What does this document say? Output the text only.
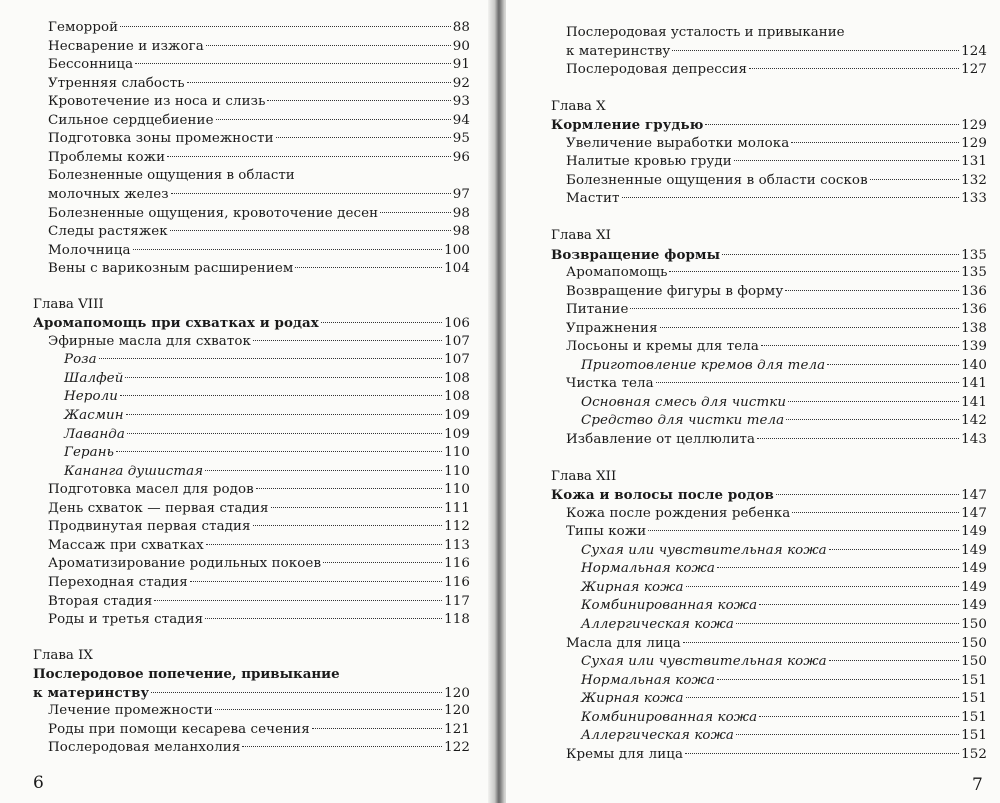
Геморрой	88
Несварение и изжога	90
Бессонница	91
Утренняя слабость	92
Кровотечение из носа и слизь	93
Сильное сердцебиение	94
Подготовка зоны промежности	95
Проблемы кожи	96
Болезненные ощущения в области
молочных желез	97
Болезненные ощущения, кровоточение десен	98
Следы растяжек	98
Молочница	100
Вены с варикозным расширением	104
Глава VIII
Аромапомощь при схватках и родах	106
Эфирные масла для схваток	107
Роза	107
Шалфей	108
Нероли	108
Жасмин	109
Лаванда	109
Герань	110
Кананга душистая	110
Подготовка масел для родов	110
День схваток — первая стадия	111
Продвинутая первая стадия	112
Массаж при схватках	113
Ароматизирование родильных покоев	116
Переходная стадия	116
Вторая стадия	117
Роды и третья стадия	118
Глава IX
Послеродовое попечение, привыкание
к материнству	120
Лечение промежности	120
Роды при помощи кесарева сечения	121
Послеродовая меланхолия	122
6
Послеродовая усталость и привыкание
к материнству	124
Послеродовая депрессия	127
Глава X
Кормление грудью	129
Увеличение выработки молока	129
Налитые кровью груди	131
Болезненные ощущения в области сосков	132
Мастит	133
Глава XI
Возвращение формы	135
Аромапомощь	135
Возвращение фигуры в форму	136
Питание	136
Упражнения	138
Лосьоны и кремы для тела	139
Приготовление кремов для тела	140
Чистка тела	141
Основная смесь для чистки	141
Средство для чистки тела	142
Избавление от целлюлита	143
Глава XII
Кожа и волосы после родов	147
Кожа после рождения ребенка	147
Типы кожи	149
Сухая или чувствительная кожа	149
Нормальная кожа	149
Жирная кожа	149
Комбинированная кожа	149
Аллергическая кожа	150
Масла для лица	150
Сухая или чувствительная кожа	150
Нормальная кожа	151
Жирная кожа	151
Комбинированная кожа	151
Аллергическая кожа	151
Кремы для лица	152
7
